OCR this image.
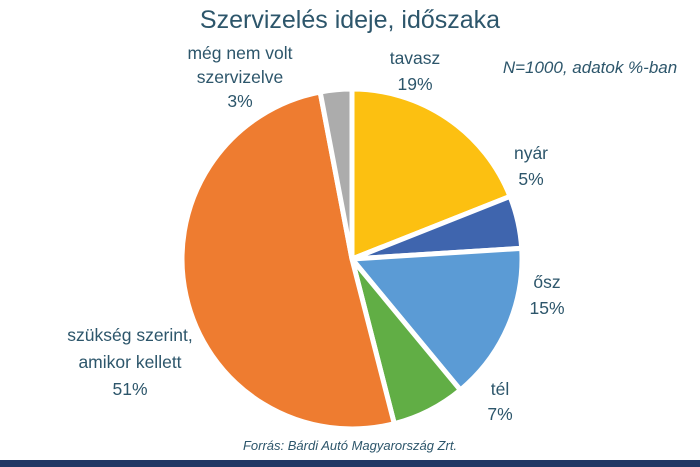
Szervizelés ideje, időszaka
még nem volt
szervizelve
3%
tavasz
19%
N=1000, adatok %-ban
nyár
5%
ősz
15%
tél
7%
szükség szerint,
amikor kellett
51%
Forrás: Bárdi Autó Magyarország Zrt.
